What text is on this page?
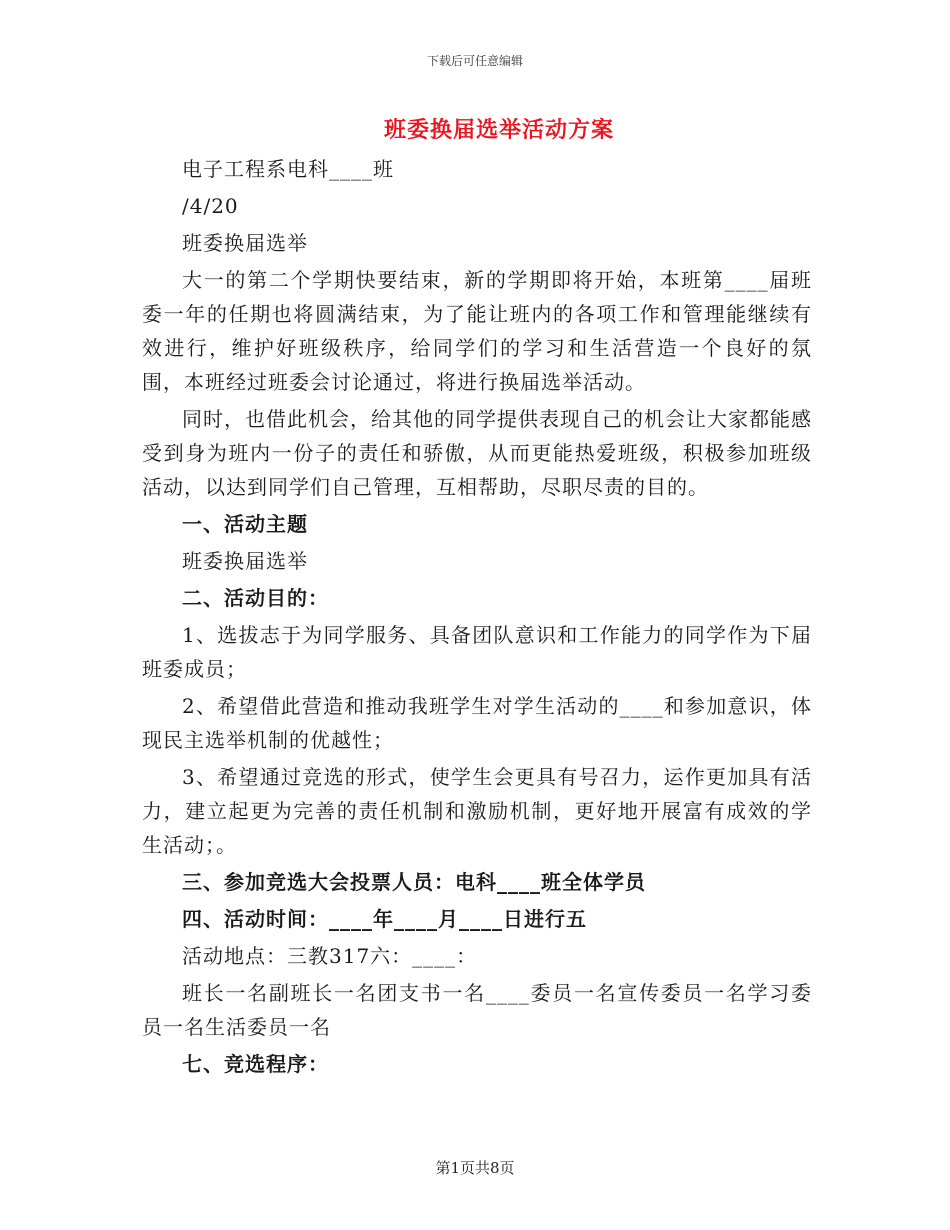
下载后可任意编辑
班委换届选举活动方案

电子工程系电科____班

/4/20

班委换届选举

大一的第二个学期快要结束，新的学期即将开始，本班第____届班委一年的任期也将圆满结束，为了能让班内的各项工作和管理能继续有效进行，维护好班级秩序，给同学们的学习和生活营造一个良好的氛围，本班经过班委会讨论通过，将进行换届选举活动。

同时，也借此机会，给其他的同学提供表现自己的机会让大家都能感受到身为班内一份子的责任和骄傲，从而更能热爱班级，积极参加班级活动，以达到同学们自己管理，互相帮助，尽职尽责的目的。

一、活动主题

班委换届选举

二、活动目的：

1、选拔志于为同学服务、具备团队意识和工作能力的同学作为下届班委成员；

2、希望借此营造和推动我班学生对学生活动的____和参加意识，体现民主选举机制的优越性；

3、希望通过竞选的形式，使学生会更具有号召力，运作更加具有活力，建立起更为完善的责任机制和激励机制，更好地开展富有成效的学生活动；。

三、参加竞选大会投票人员：电科____班全体学员

四、活动时间：____年____月____日进行五

活动地点：三教317六：____：

班长一名副班长一名团支书一名____委员一名宣传委员一名学习委员一名生活委员一名

七、竞选程序：

第1页共8页
